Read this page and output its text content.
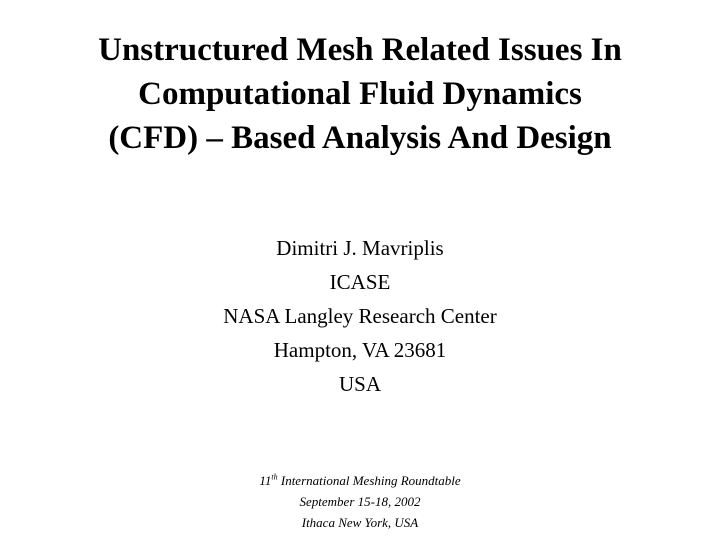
Unstructured Mesh Related Issues In
Computational Fluid Dynamics
(CFD) – Based Analysis And Design
Dimitri J. Mavriplis
ICASE
NASA Langley Research Center
Hampton, VA 23681
USA
11th International Meshing Roundtable
September 15-18, 2002
Ithaca New York, USA
